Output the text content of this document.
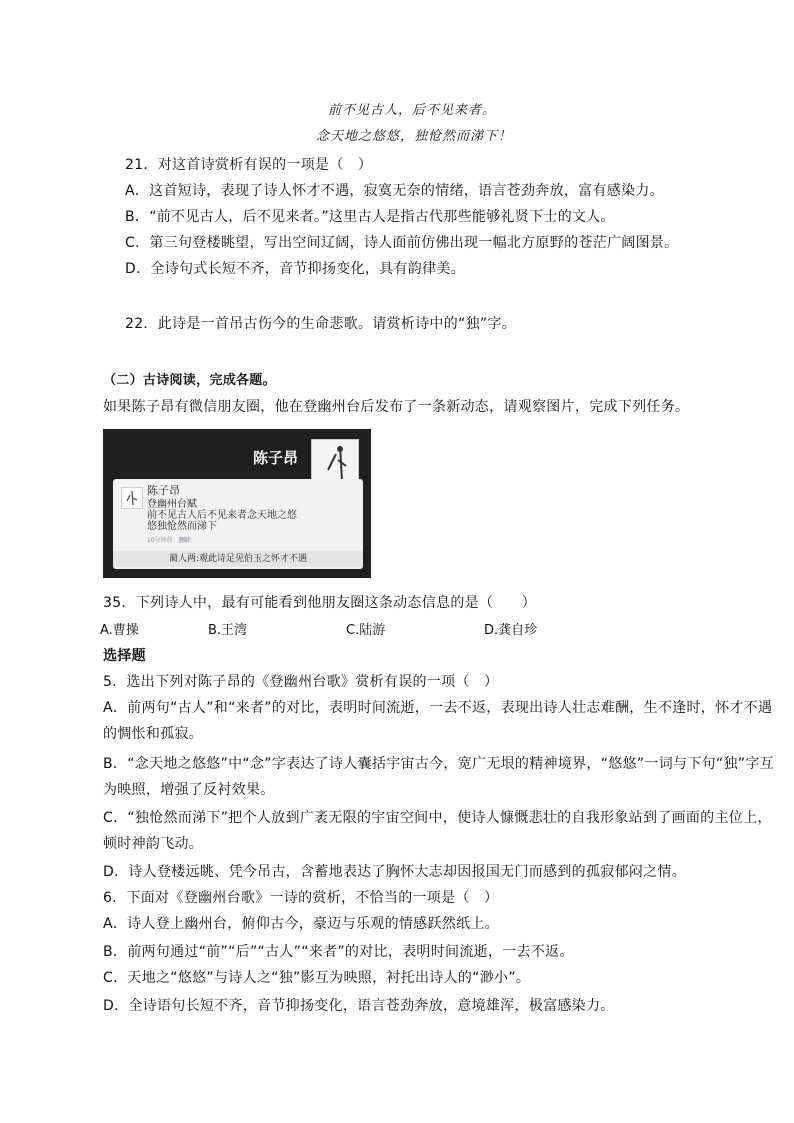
前不见古人，后不见来者。
念天地之悠悠，独怆然而涕下！
21．对这首诗赏析有误的一项是（　）
A．这首短诗，表现了诗人怀才不遇，寂寞无奈的情绪，语言苍劲奔放，富有感染力。
B．“前不见古人，后不见来者。”这里古人是指古代那些能够礼贤下士的文人。
C．第三句登楼眺望，写出空间辽阔，诗人面前仿佛出现一幅北方原野的苍茫广阔图景。
D．全诗句式长短不齐，音节抑扬变化，具有韵律美。
22．此诗是一首吊古伤今的生命悲歌。请赏析诗中的“独”字。
（二）古诗阅读，完成各题。
如果陈子昂有微信朋友圈，他在登幽州台后发布了一条新动态，请观察图片，完成下列任务。
陈子昂
陈子昂
登幽州台赋
前不见古人后不见来者念天地之悠
悠独怆然而涕下
10分钟前 删除
蔺人两:观此诗足见伯玉之怀才不遇
35．下列诗人中，最有可能看到他朋友圈这条动态信息的是（　　）
A.曹操	B.王湾	C.陆游	D.龚自珍
选择题
5．选出下列对陈子昂的《登幽州台歌》赏析有误的一项（　）
A．前两句“古人”和“来者”的对比，表明时间流逝，一去不返，表现出诗人壮志难酬，生不逢时，怀才不遇
的惆怅和孤寂。
B．“念天地之悠悠”中“念”字表达了诗人囊括宇宙古今，宽广无垠的精神境界，“悠悠”一词与下句“独”字互
为映照，增强了反衬效果。
C．“独怆然而涕下”把个人放到广袤无限的宇宙空间中，使诗人慷慨悲壮的自我形象站到了画面的主位上，
顿时神韵飞动。
D．诗人登楼远眺、凭今吊古，含蓄地表达了胸怀大志却因报国无门而感到的孤寂郁闷之情。
6．下面对《登幽州台歌》一诗的赏析，不恰当的一项是（　）
A．诗人登上幽州台，俯仰古今，豪迈与乐观的情感跃然纸上。
B．前两句通过“前”“后”“古人”“来者”的对比，表明时间流逝，一去不返。
C．天地之“悠悠”与诗人之“独”影互为映照，衬托出诗人的“渺小”。
D．全诗语句长短不齐，音节抑扬变化，语言苍劲奔放，意境雄浑，极富感染力。
